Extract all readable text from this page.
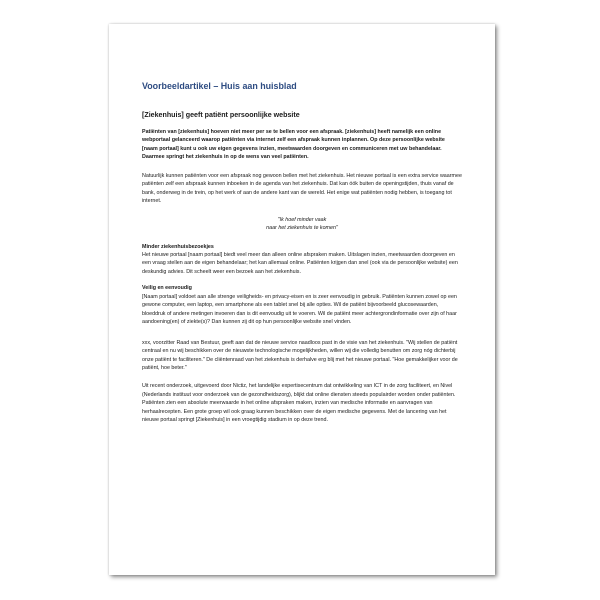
Voorbeeldartikel – Huis aan huisblad
[Ziekenhuis] geeft patiënt persoonlijke website

Patiënten van [ziekenhuis] hoeven niet meer per se te bellen voor een afspraak. [ziekenhuis] heeft namelijk een online webportaal gelanceerd waarop patiënten via internet zelf een afspraak kunnen inplannen. Op deze persoonlijke website [naam portaal] kunt u ook uw eigen gegevens inzien, meetwaarden doorgeven en communiceren met uw behandelaar. Daarmee springt het ziekenhuis in op de wens van veel patiënten.

Natuurlijk kunnen patiënten voor een afspraak nog gewoon bellen met het ziekenhuis. Het nieuwe portaal is een extra service waarmee patiënten zelf een afspraak kunnen inboeken in de agenda van het ziekenhuis. Dat kan óók buiten de openingstijden, thuis vanaf de bank, onderweg in de trein, op het werk of aan de andere kant van de wereld. Het enige wat patiënten nodig hebben, is toegang tot internet.

"Ik hoef minder vaak

naar het ziekenhuis te komen"

Minder ziekenhuisbezoekjes

Het nieuwe portaal [naam portaal] biedt veel meer dan alleen online afspraken maken. Uitslagen inzien, meetwaarden doorgeven en een vraag stellen aan de eigen behandelaar; het kan allemaal online. Patiënten krijgen dan snel (ook via de persoonlijke website) een deskundig advies. Dit scheelt weer een bezoek aan het ziekenhuis.

Veilig en eenvoudig

[Naam portaal] voldoet aan alle strenge veiligheids- en privacy-eisen en is zeer eenvoudig in gebruik. Patiënten kunnen zowel op een gewone computer, een laptop, een smartphone als een tablet snel bij alle opties. Wil de patiënt bijvoorbeeld glucosewaarden, bloeddruk of andere metingen invoeren dan is dit eenvoudig uit te voeren. Wil de patiënt meer achtergrondinformatie over zijn of haar aandoening(en) of ziekte(s)? Dan kunnen zij dit op hun persoonlijke website snel vinden.

xxx, voorzitter Raad van Bestuur, geeft aan dat de nieuwe service naadloos past in de visie van het ziekenhuis. "Wij stellen de patiënt centraal en nu wij beschikken over de nieuwste technologische mogelijkheden, willen wij die volledig benutten om zorg nóg dichterbij onze patiënt te faciliteren." De cliëntenraad van het ziekenhuis is derhalve erg blij met het nieuwe portaal. "Hoe gemakkelijker voor de patiënt, hoe beter."

Uit recent onderzoek, uitgevoerd door Nictiz, het landelijke expertisecentrum dat ontwikkeling van ICT in de zorg faciliteert, en Nivel (Nederlands instituut voor onderzoek van de gezondheidszorg), blijkt dat online diensten steeds populairder worden onder patiënten. Patiënten zien een absolute meerwaarde in het online afspraken maken, inzien van medische informatie en aanvragen van herhaalrecepten. Een grote groep wil ook graag kunnen beschikken over de eigen medische gegevens. Met de lancering van het nieuwe portaal springt [Ziekenhuis] in een vroegtijdig stadium in op deze trend.
